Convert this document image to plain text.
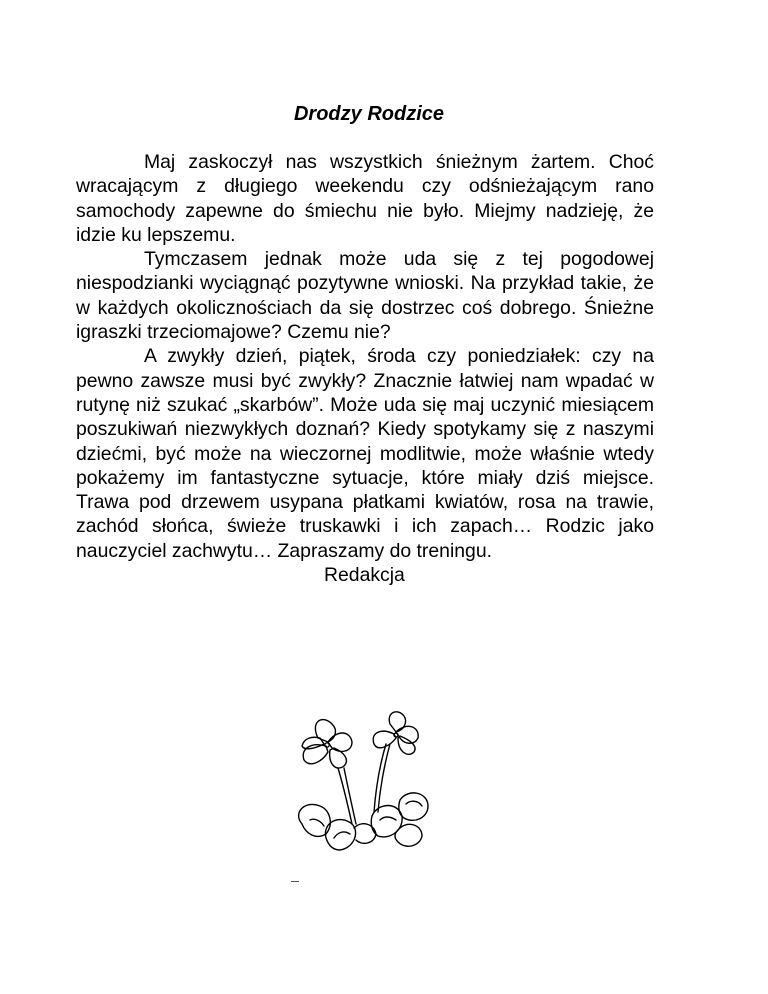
Drodzy Rodzice

Maj zaskoczył nas wszystkich śnieżnym żartem. Choć wracającym z długiego weekendu czy odśnieżającym rano samochody zapewne do śmiechu nie było. Miejmy nadzieję, że idzie ku lepszemu.

Tymczasem jednak może uda się z tej pogodowej niespodzianki wyciągnąć pozytywne wnioski. Na przykład takie, że w każdych okolicznościach da się dostrzec coś dobrego. Śnieżne igraszki trzeciomajowe? Czemu nie?

A zwykły dzień, piątek, środa czy poniedziałek: czy na pewno zawsze musi być zwykły? Znacznie łatwiej nam wpadać w rutynę niż szukać „skarbów”. Może uda się maj uczynić miesiącem poszukiwań niezwykłych doznań? Kiedy spotykamy się z naszymi dziećmi, być może na wieczornej modlitwie, może właśnie wtedy pokażemy im fantastyczne sytuacje, które miały dziś miejsce. Trawa pod drzewem usypana płatkami kwiatów, rosa na trawie, zachód słońca, świeże truskawki i ich zapach… Rodzic jako nauczyciel zachwytu… Zapraszamy do treningu.

Redakcja
